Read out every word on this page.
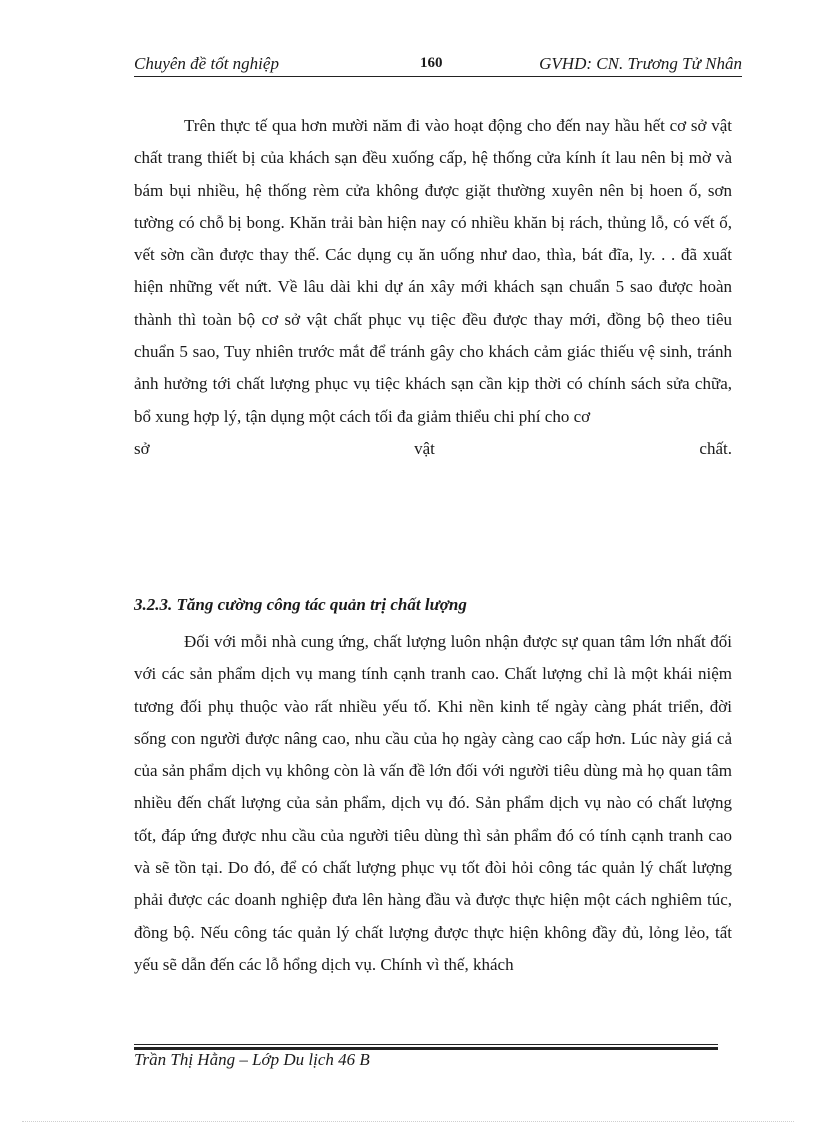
Chuyên đề tốt nghiệp	160	GVHD: CN. Trương Tử Nhân

Trên thực tế qua hơn mười năm đi vào hoạt động cho đến nay hầu hết cơ sở vật chất trang thiết bị của khách sạn đều xuống cấp, hệ thống cửa kính ít lau nên bị mờ và bám bụi nhiều, hệ thống rèm cửa không được giặt thường xuyên nên bị hoen ố, sơn tường có chỗ bị bong. Khăn trải bàn hiện nay có nhiều khăn bị rách, thủng lỗ, có vết ố, vết sờn cần được thay thế. Các dụng cụ ăn uống như dao, thìa, bát đĩa, ly. . . đã xuất hiện những vết nứt. Về lâu dài khi dự án xây mới khách sạn chuẩn 5 sao được hoàn thành thì toàn bộ cơ sở vật chất phục vụ tiệc đều được thay mới, đồng bộ theo tiêu chuẩn 5 sao, Tuy nhiên trước mắt để tránh gây cho khách cảm giác thiếu vệ sinh, tránh ảnh hưởng tới chất lượng phục vụ tiệc khách sạn cần kịp thời có chính sách sửa chữa, bổ xung hợp lý, tận dụng một cách tối đa giảm thiểu chi phí cho cơ

sở	vật	chất.
3.2.3. Tăng cường công tác quản trị chất lượng

Đối với mỗi nhà cung ứng, chất lượng luôn nhận được sự quan tâm lớn nhất đối với các sản phẩm dịch vụ mang tính cạnh tranh cao. Chất lượng chỉ là một khái niệm tương đối phụ thuộc vào rất nhiều yếu tố. Khi nền kinh tế ngày càng phát triển, đời sống con người được nâng cao, nhu cầu của họ ngày càng cao cấp hơn. Lúc này giá cả của sản phẩm dịch vụ không còn là vấn đề lớn đối với người tiêu dùng mà họ quan tâm nhiều đến chất lượng của sản phẩm, dịch vụ đó. Sản phẩm dịch vụ nào có chất lượng tốt, đáp ứng được nhu cầu của người tiêu dùng thì sản phẩm đó có tính cạnh tranh cao và sẽ tồn tại. Do đó, để có chất lượng phục vụ tốt đòi hỏi công tác quản lý chất lượng phải được các doanh nghiệp đưa lên hàng đầu và được thực hiện một cách nghiêm túc, đồng bộ. Nếu công tác quản lý chất lượng được thực hiện không đầy đủ, lỏng lẻo, tất yếu sẽ dẫn đến các lỗ hổng dịch vụ. Chính vì thế, khách

Trần Thị Hằng – Lớp Du lịch 46 B
